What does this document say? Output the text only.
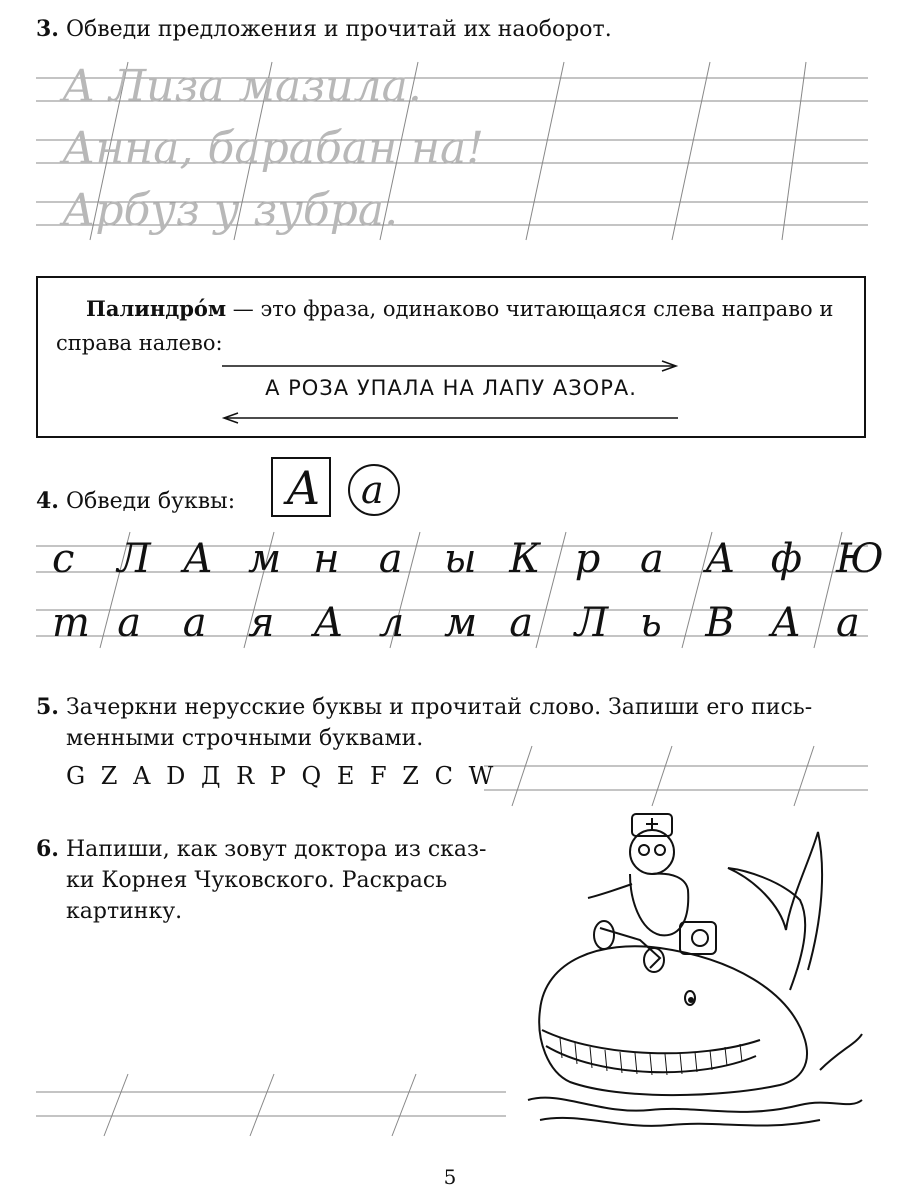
3. Обведи предложения и прочитай их наоборот.
А Лиза мазила.
Анна, барабан на!
Арбуз у зубра.
А а
с Л А м н а ы К р а А ф Ю
т а а я А л м а Л ь В А а
Палиндро́м — это фраза, одинаково читающаяся слева направо и справа налево:
А РОЗА УПАЛА НА ЛАПУ АЗОРА.
4. Обведи буквы:
5. Зачеркни нерусские буквы и прочитай слово. Запиши его пись-
менными строчными буквами.
G Z A D Д R P Q E F Z C W
6. Напиши, как зовут доктора из сказ-
ки Корнея Чуковского. Раскрась
картинку.
5
